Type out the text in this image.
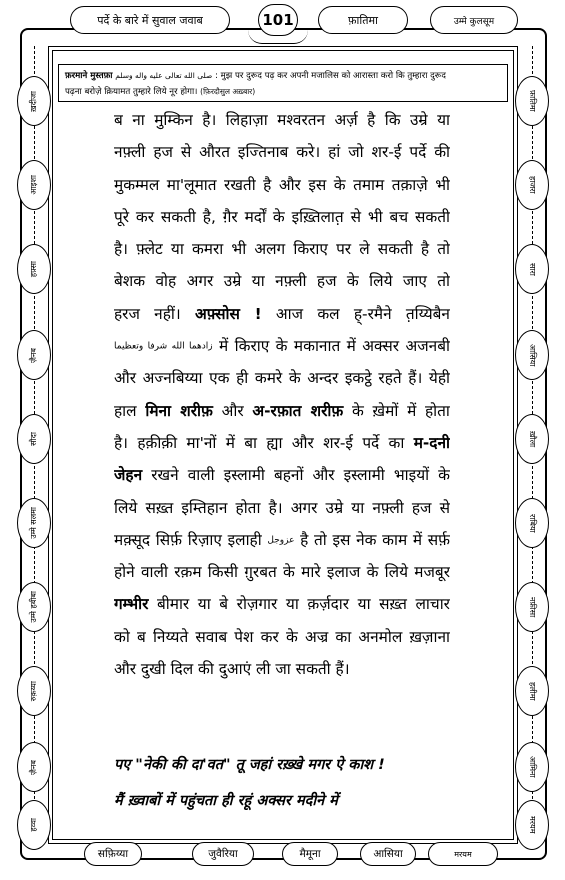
पर्दे के बारे में सुवाल जवाब	101	फ़ातिमा	उम्मे कुलसूम
ख़दीजा
आइशा
हफ़्सा
ज़ैनब
सौदा
उम्मे सलमा
उम्मे हबीबा
रुक़य्या
ज़ैनब
हव्वा
फ़ातिमा
हाजरा
सारा
आसिया
ख़ौला
राबिया
नफ़ीसा
हलीमा
आमिना
मरयम
फ़रमाने मुस्तफ़ा صلى الله تعالى عليه واله وسلم : मुझ पर दुरूद पढ़ कर अपनी मजालिस को आरास्ता करो कि तुम्हारा दुरूद
पढ़ना बरोज़े क़ियामत तुम्हारे लिये नूर होगा। (फ़िरदौसुल अख़्बार)
ब ना मुम्किन है। लिहाज़ा मश्वरतन अर्ज़ है कि उम्रे या
नफ़्ली हज से औरत इज्तिनाब करे। हां जो शर-ई पर्दे की
मुकम्मल मा'लूमात रखती है और इस के तमाम तक़ाज़े भी
पूरे कर सकती है, ग़ैर मर्दों के इख़्तिलात़ से भी बच सकती
है। फ़्लेट या कमरा भी अलग किराए पर ले सकती है तो
बेशक वोह अगर उम्रे या नफ़्ली हज के लिये जाए तो
हरज नहीं। अफ़्सोस ! आज कल ह्-रमैने त़य्यिबैन
زادهما الله شرفا وتعظيما में किराए के मकानात में अक्सर अजनबी
और अज्नबिय्या एक ही कमरे के अन्दर इकट्ठे रहते हैं। येही
हाल मिना शरीफ़ और अ-रफ़ात शरीफ़ के ख़ेमों में होता
है। हक़ीक़ी मा'नों में बा ह्या और शर-ई पर्दे का म-दनी
जेहन रखने वाली इस्लामी बहनों और इस्लामी भाइयों के
लिये सख़्त इम्तिहान होता है। अगर उम्रे या नफ़्ली हज से
मक़्सूद सिर्फ़ रिज़ाए इलाही عزوجل है तो इस नेक काम में सर्फ़
होने वाली रक़म किसी ग़ुरबत के मारे इलाज के लिये मजबूर
गम्भीर बीमार या बे रोज़गार या क़र्ज़दार या सख़्त लाचार
को ब निय्यते सवाब पेश कर के अज्र का अनमोल ख़ज़ाना
और दुखी दिल की दुआएं ली जा सकती हैं।
पए "नेकी की दा'वत" तू जहां रख़्खे मगर ऐ काश !
मैं ख़्वाबों में पहुंचता ही रहूं अक्सर मदीने में
सफ़िय्या	जुवैरिया	मैमूना	आसिया	मरयम
